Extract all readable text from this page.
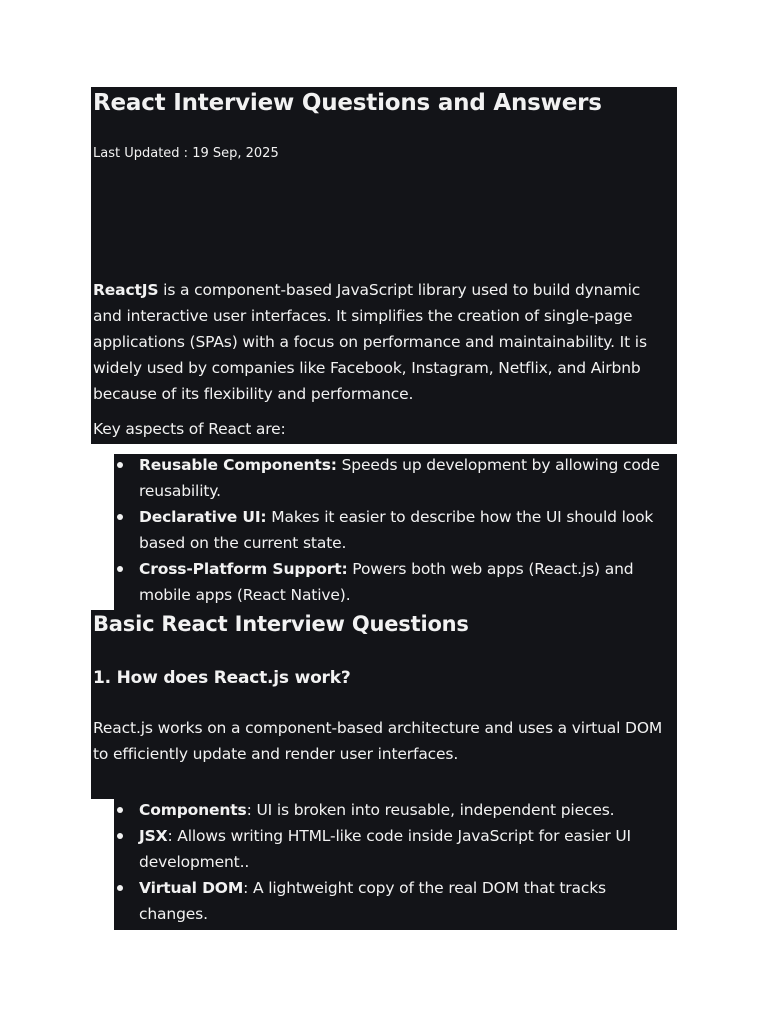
React Interview Questions and Answers
Last Updated : 19 Sep, 2025

ReactJS is a component-based JavaScript library used to build dynamic
and interactive user interfaces. It simplifies the creation of single-page
applications (SPAs) with a focus on performance and maintainability. It is
widely used by companies like Facebook, Instagram, Netflix, and Airbnb
because of its flexibility and performance.

Key aspects of React are:

Reusable Components: Speeds up development by allowing code
reusability.
Declarative UI: Makes it easier to describe how the UI should look
based on the current state.
Cross-Platform Support: Powers both web apps (React.js) and
mobile apps (React Native).
Basic React Interview Questions
1. How does React.js work?

React.js works on a component-based architecture and uses a virtual DOM
to efficiently update and render user interfaces.

Components: UI is broken into reusable, independent pieces.
JSX: Allows writing HTML-like code inside JavaScript for easier UI
development..
Virtual DOM: A lightweight copy of the real DOM that tracks
changes.
